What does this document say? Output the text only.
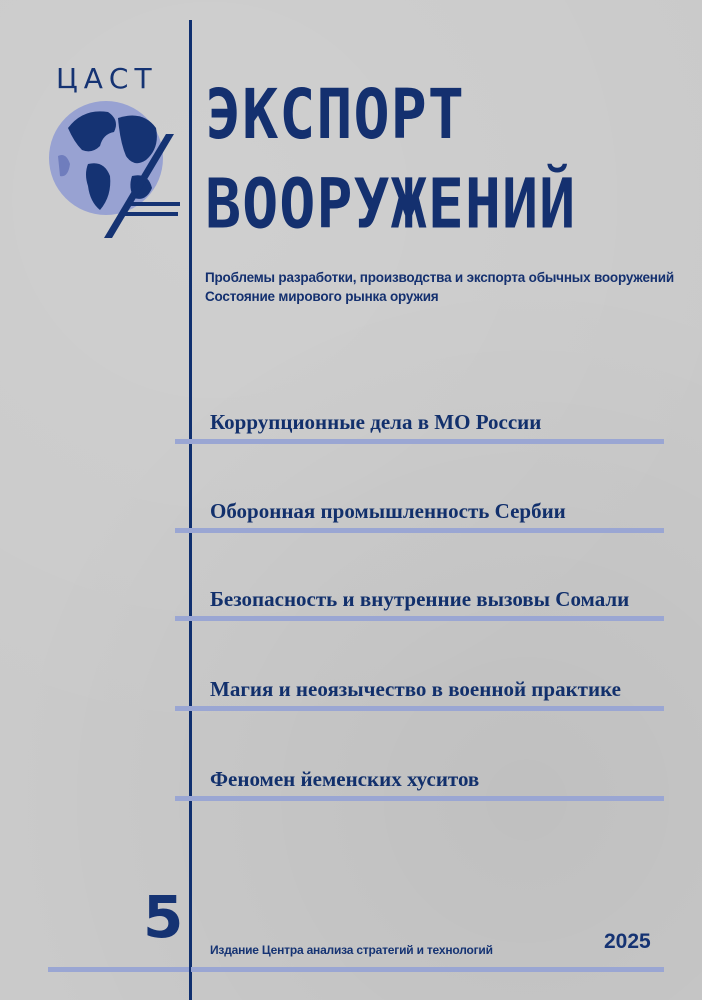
ЦАСТ ЭКСПОРТ
ВООРУЖЕНИЙ
Проблемы разработки, производства и экспорта обычных вооружений
Состояние мирового рынка оружия
Коррупционные дела в МО России
Оборонная промышленность Сербии
Безопасность и внутренние вызовы Сомали
Магия и неоязычество в военной практике
Феномен йеменских хуситов
5 Издание Центра анализа стратегий и технологий	2025
